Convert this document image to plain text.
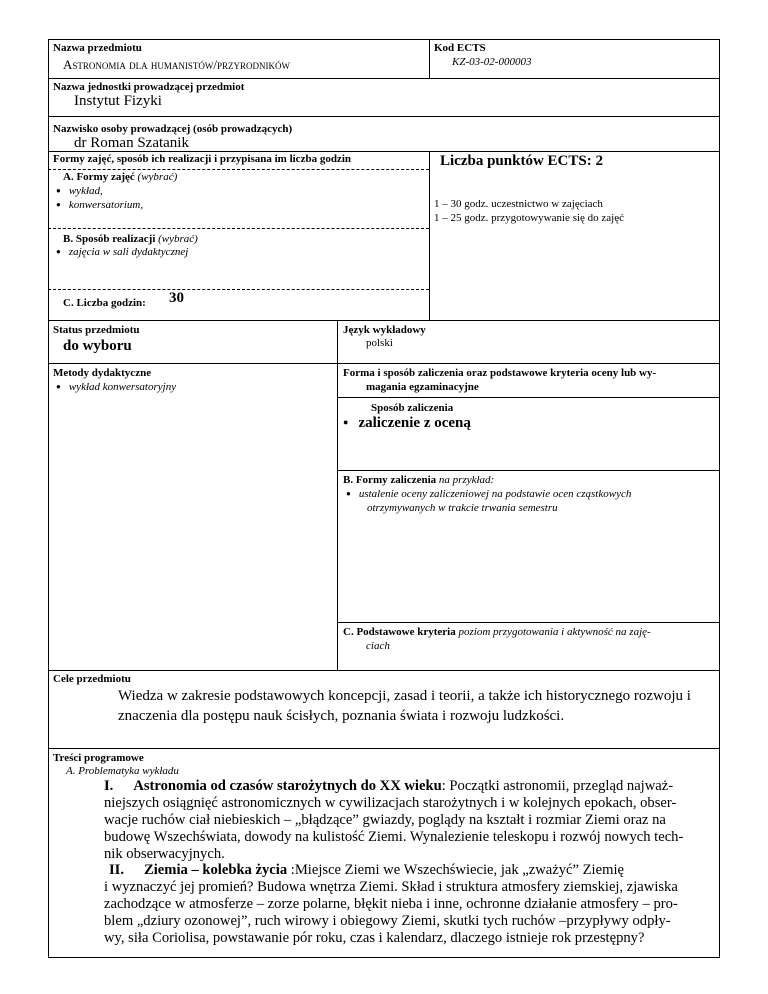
Nazwa przedmiotu
Astronomia dla humanistów/przyrodników
Kod ECTS
KZ-03-02-000003
Nazwa jednostki prowadzącej przedmiot
Instytut Fizyki
Nazwisko osoby prowadzącej (osób prowadzących)
dr Roman Szatanik
Formy zajęć, sposób ich realizacji i przypisana im liczba godzin
A. Formy zajęć (wybrać)
● wykład,
● konwersatorium,
B. Sposób realizacji (wybrać)
● zajęcia w sali dydaktycznej
C. Liczba godzin: 30
Liczba punktów ECTS: 2
1 – 30 godz. uczestnictwo w zajęciach
1 – 25 godz. przygotowywanie się do zajęć
Status przedmiotu
do wyboru
Język wykładowy
polski
Metody dydaktyczne
● wykład konwersatoryjny
Forma i sposób zaliczenia oraz podstawowe kryteria oceny lub wy-
magania egzaminacyjne
Sposób zaliczenia
● zaliczenie z oceną
B. Formy zaliczenia na przykład:
● ustalenie oceny zaliczeniowej na podstawie ocen cząstkowych
otrzymywanych w trakcie trwania semestru
C. Podstawowe kryteria poziom przygotowania i aktywność na zaję-
ciach
Cele przedmiotu
Wiedza w zakresie podstawowych koncepcji, zasad i teorii, a także ich historycznego rozwoju i
znaczenia dla postępu nauk ścisłych, poznania świata i rozwoju ludzkości.
Treści programowe
A. Problematyka wykładu
I. Astronomia od czasów starożytnych do XX wieku: Początki astronomii, przegląd najważ-
niejszych osiągnięć astronomicznych w cywilizacjach starożytnych i w kolejnych epokach, obser-
wacje ruchów ciał niebieskich – „błądzące” gwiazdy, poglądy na kształt i rozmiar Ziemi oraz na
budowę Wszechświata, dowody na kulistość Ziemi. Wynalezienie teleskopu i rozwój nowych tech-
nik obserwacyjnych.
II. Ziemia – kolebka życia :Miejsce Ziemi we Wszechświecie, jak „zważyć” Ziemię
i wyznaczyć jej promień? Budowa wnętrza Ziemi. Skład i struktura atmosfery ziemskiej, zjawiska
zachodzące w atmosferze – zorze polarne, błękit nieba i inne, ochronne działanie atmosfery – pro-
blem „dziury ozonowej”, ruch wirowy i obiegowy Ziemi, skutki tych ruchów –przypływy odpły-
wy, siła Coriolisa, powstawanie pór roku, czas i kalendarz, dlaczego istnieje rok przestępny?
